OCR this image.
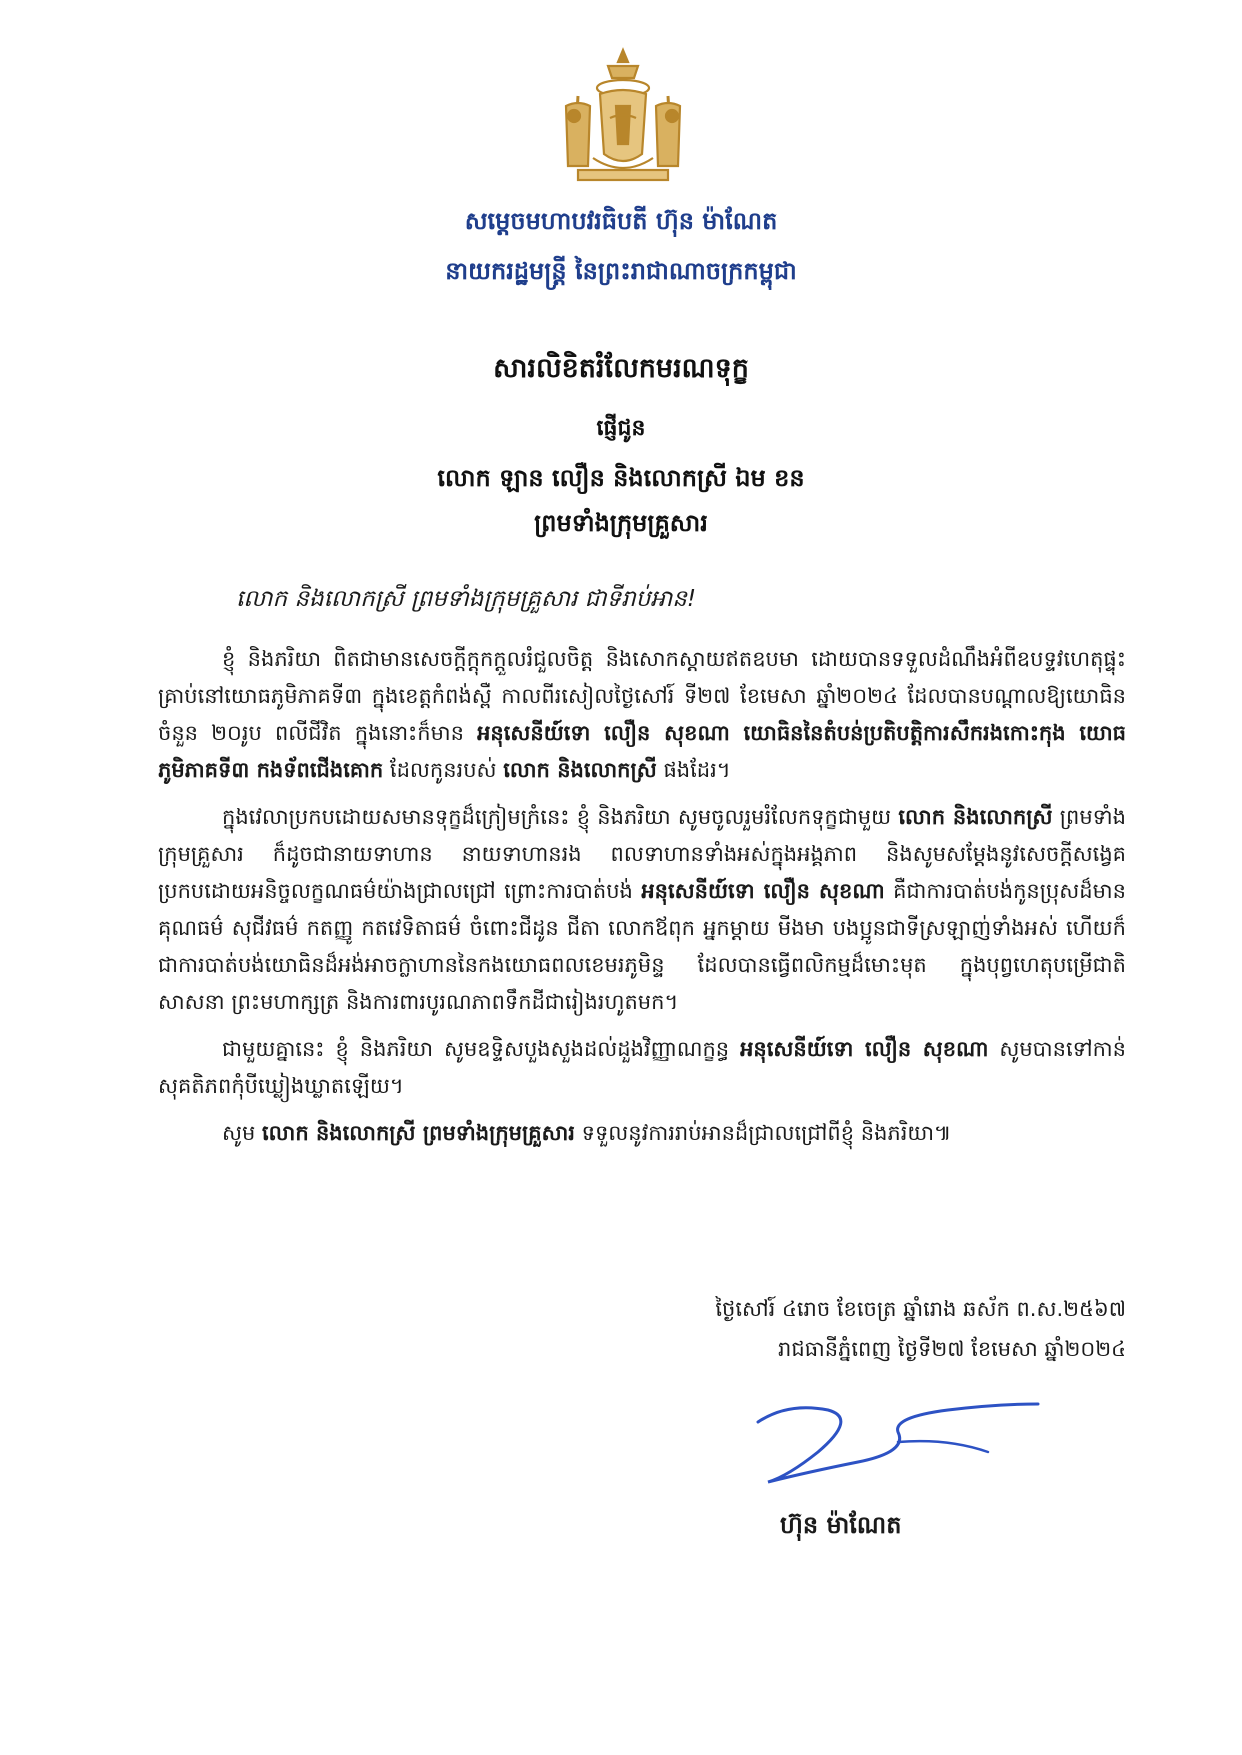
សម្តេចមហាបវរធិបតី ហ៊ុន ម៉ាណែត
នាយករដ្ឋមន្ត្រី នៃព្រះរាជាណាចក្រកម្ពុជា
សារលិខិតរំលែកមរណទុក្ខ
ផ្ញើជូន
លោក ឡាន លឿន និងលោកស្រី ឯម ខន
ព្រមទាំងក្រុមគ្រួសារ
លោក និងលោកស្រី ព្រមទាំងក្រុមគ្រួសារ ជាទីរាប់អាន!

ខ្ញុំ និងភរិយា ពិតជាមានសេចក្តីក្តុកក្តួលរំជួលចិត្ត និងសោកស្តាយឥតឧបមា ដោយបានទទួលដំណឹងអំពីឧបទ្ទវហេតុផ្ទុះគ្រាប់នៅយោធភូមិភាគទី៣ ក្នុងខេត្តកំពង់ស្ពឺ កាលពីរសៀលថ្ងៃសៅរ៍ ទី២៧ ខែមេសា ឆ្នាំ២០២៤ ដែលបានបណ្តាលឱ្យយោធិន ចំនួន ២០រូប ពលីជីវិត ក្នុងនោះក៏មាន អនុសេនីយ៍ទោ លឿន សុខណា យោធិននៃតំបន់ប្រតិបត្តិការសឹករងកោះកុង យោធភូមិភាគទី៣ កងទ័ពជើងគោក ដែលកូនរបស់ លោក និងលោកស្រី ផងដែរ។

ក្នុងវេលាប្រកបដោយសមានទុក្ខដ៏ក្រៀមក្រំនេះ ខ្ញុំ និងភរិយា សូមចូលរួមរំលែកទុក្ខជាមួយ លោក និងលោកស្រី ព្រមទាំងក្រុមគ្រួសារ ក៏ដូចជានាយទាហាន នាយទាហានរង ពលទាហានទាំងអស់ក្នុងអង្គភាព និងសូមសម្តែងនូវសេចក្តីសង្វេគប្រកបដោយអនិច្ចលក្ខណធម៌យ៉ាងជ្រាលជ្រៅ ព្រោះការបាត់បង់ អនុសេនីយ៍ទោ លឿន សុខណា គឺជាការបាត់បង់កូនប្រុសដ៏មានគុណធម៌ សុជីវធម៌ កតញ្ញូ កតវេទិតាធម៌ ចំពោះជីដូន ជីតា លោកឪពុក អ្នកម្តាយ មីងមា បងប្អូនជាទីស្រឡាញ់ទាំងអស់ ហើយក៏ជាការបាត់បង់យោធិនដ៏អង់អាចក្លាហាននៃកងយោធពលខេមរភូមិន្ទ ដែលបានធ្វើពលិកម្មដ៏មោះមុត ក្នុងបុព្វហេតុបម្រើជាតិ សាសនា ព្រះមហាក្សត្រ និងការពារបូរណភាពទឹកដីជារៀងរហូតមក។

ជាមួយគ្នានេះ ខ្ញុំ និងភរិយា សូមឧទ្ទិសបួងសួងដល់ដួងវិញ្ញាណក្ខន្ធ អនុសេនីយ៍ទោ លឿន សុខណា សូមបានទៅកាន់សុគតិភពកុំបីឃ្លៀងឃ្លាតឡើយ។

សូម លោក និងលោកស្រី ព្រមទាំងក្រុមគ្រួសារ ទទួលនូវការរាប់អានដ៏ជ្រាលជ្រៅពីខ្ញុំ និងភរិយា៕

ថ្ងៃសៅរ៍ ៤រោច ខែចេត្រ ឆ្នាំរោង ឆស័ក ព.ស.២៥៦៧
រាជធានីភ្នំពេញ ថ្ងៃទី២៧ ខែមេសា ឆ្នាំ២០២៤
ហ៊ុន ម៉ាណែត
